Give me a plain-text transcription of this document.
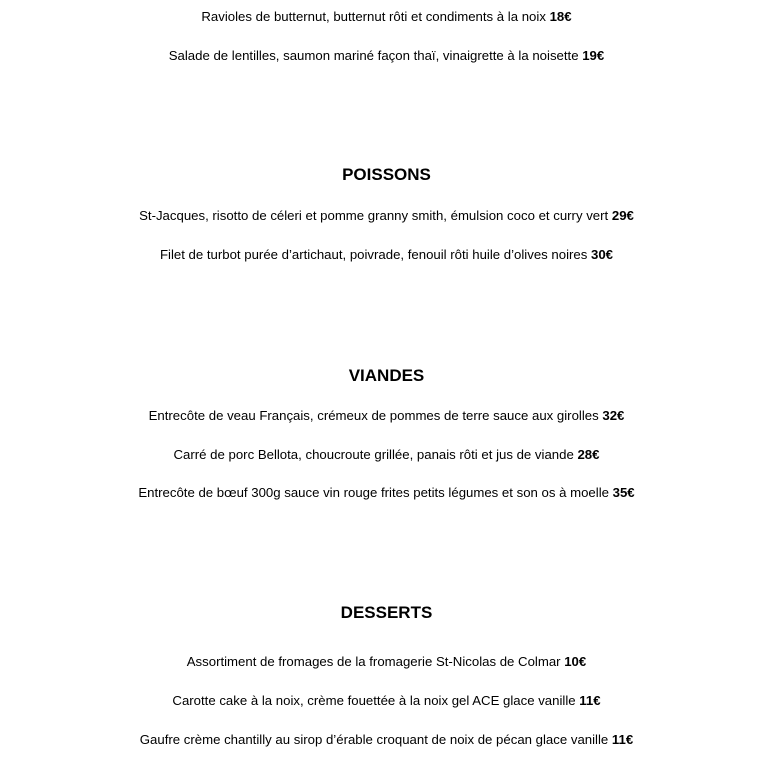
Ravioles de butternut, butternut rôti et condiments à la noix 18€
Salade de lentilles, saumon mariné façon thaï, vinaigrette à la noisette 19€
POISSONS
St-Jacques, risotto de céleri et pomme granny smith, émulsion coco et curry vert 29€
Filet de turbot purée d’artichaut, poivrade, fenouil rôti huile d’olives noires 30€
VIANDES
Entrecôte de veau Français, crémeux de pommes de terre sauce aux girolles 32€
Carré de porc Bellota, choucroute grillée, panais rôti et jus de viande 28€
Entrecôte de bœuf 300g sauce vin rouge frites petits légumes et son os à moelle 35€
DESSERTS
Assortiment de fromages de la fromagerie St-Nicolas de Colmar 10€
Carotte cake à la noix, crème fouettée à la noix gel ACE glace vanille 11€
Gaufre crème chantilly au sirop d’érable croquant de noix de pécan glace vanille 11€
